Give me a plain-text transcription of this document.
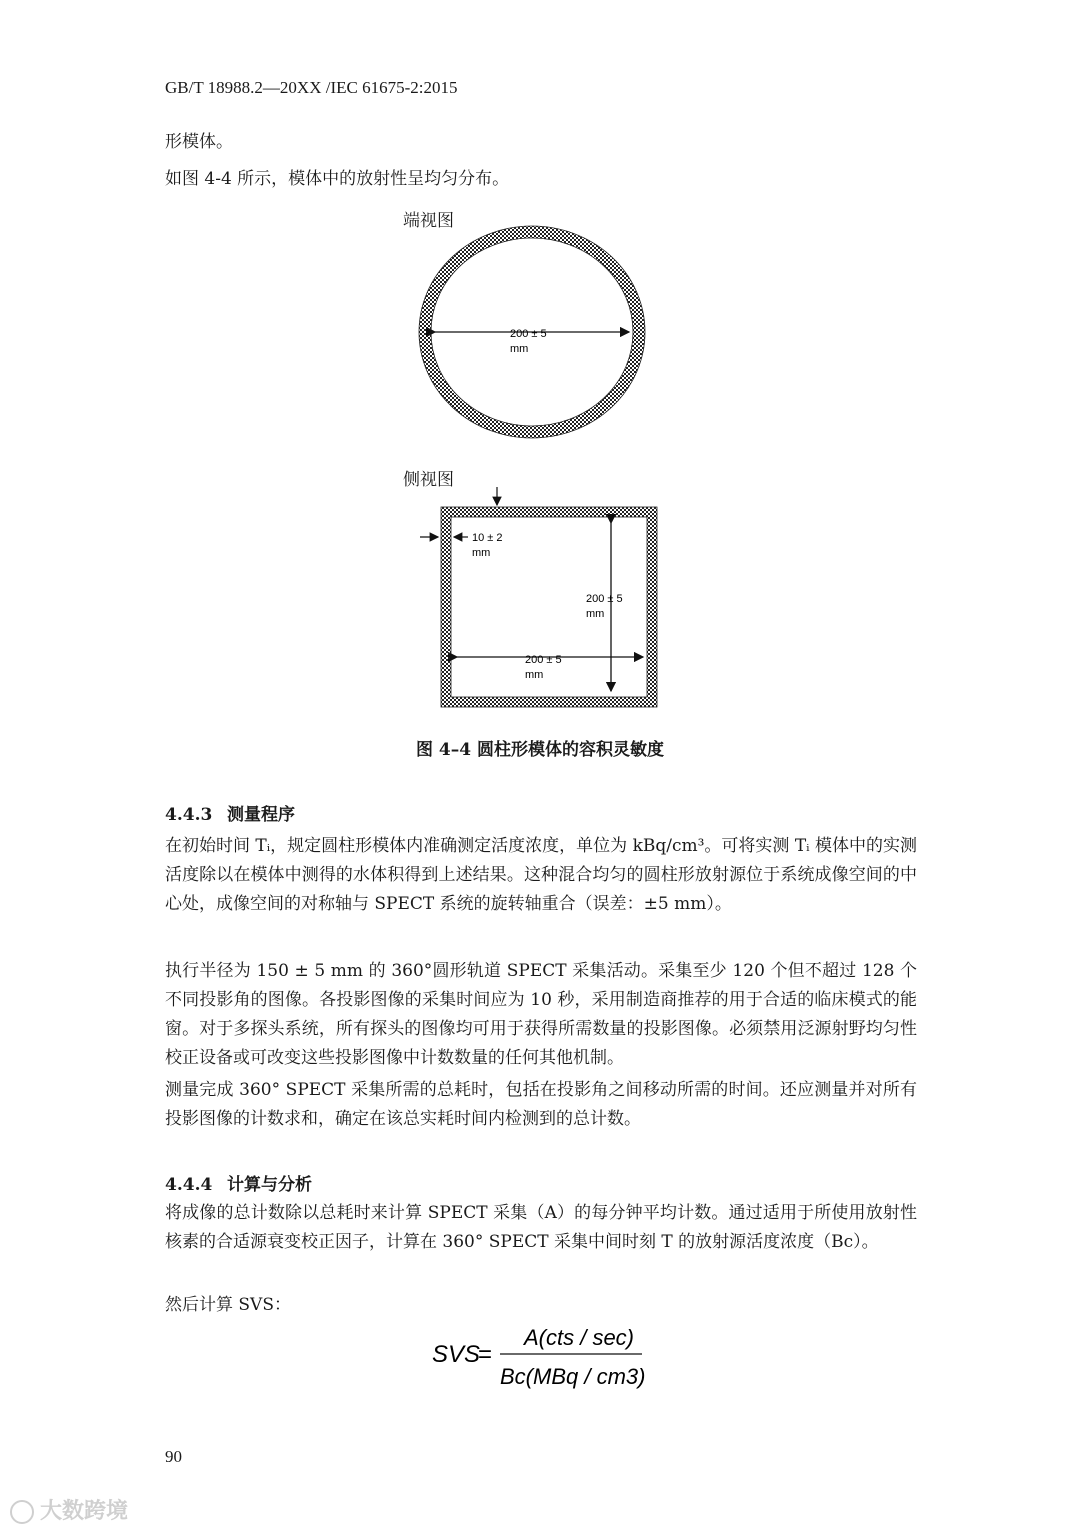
GB/T 18988.2—20XX /IEC 61675-2:2015

形模体。

如图 4-4 所示，模体中的放射性呈均匀分布。

端视图
侧视图
200 ± 5
mm
10 ± 2
mm
200 ± 5
mm
200 ± 5
mm
图 4–4 圆柱形模体的容积灵敏度
4.4.3 测量程序

在初始时间 Tᵢ，规定圆柱形模体内准确测定活度浓度，单位为 kBq/cm³。可将实测 Tᵢ 模体中的实测活度除以在模体中测得的水体积得到上述结果。这种混合均匀的圆柱形放射源位于系统成像空间的中心处，成像空间的对称轴与 SPECT 系统的旋转轴重合（误差：±5 mm）。

执行半径为 150 ± 5 mm 的 360°圆形轨道 SPECT 采集活动。采集至少 120 个但不超过 128 个不同投影角的图像。各投影图像的采集时间应为 10 秒，采用制造商推荐的用于合适的临床模式的能窗。对于多探头系统，所有探头的图像均可用于获得所需数量的投影图像。必须禁用泛源射野均匀性校正设备或可改变这些投影图像中计数数量的任何其他机制。

测量完成 360° SPECT 采集所需的总耗时，包括在投影角之间移动所需的时间。还应测量并对所有投影图像的计数求和，确定在该总实耗时间内检测到的总计数。

4.4.4 计算与分析

将成像的总计数除以总耗时来计算 SPECT 采集（A）的每分钟平均计数。通过适用于所使用放射性核素的合适源衰变校正因子，计算在 360° SPECT 采集中间时刻 T 的放射源活度浓度（Bc）。

然后计算 SVS：

SVS
=
A(cts / sec)
Bc(MBq / cm3)
90
大数跨境
